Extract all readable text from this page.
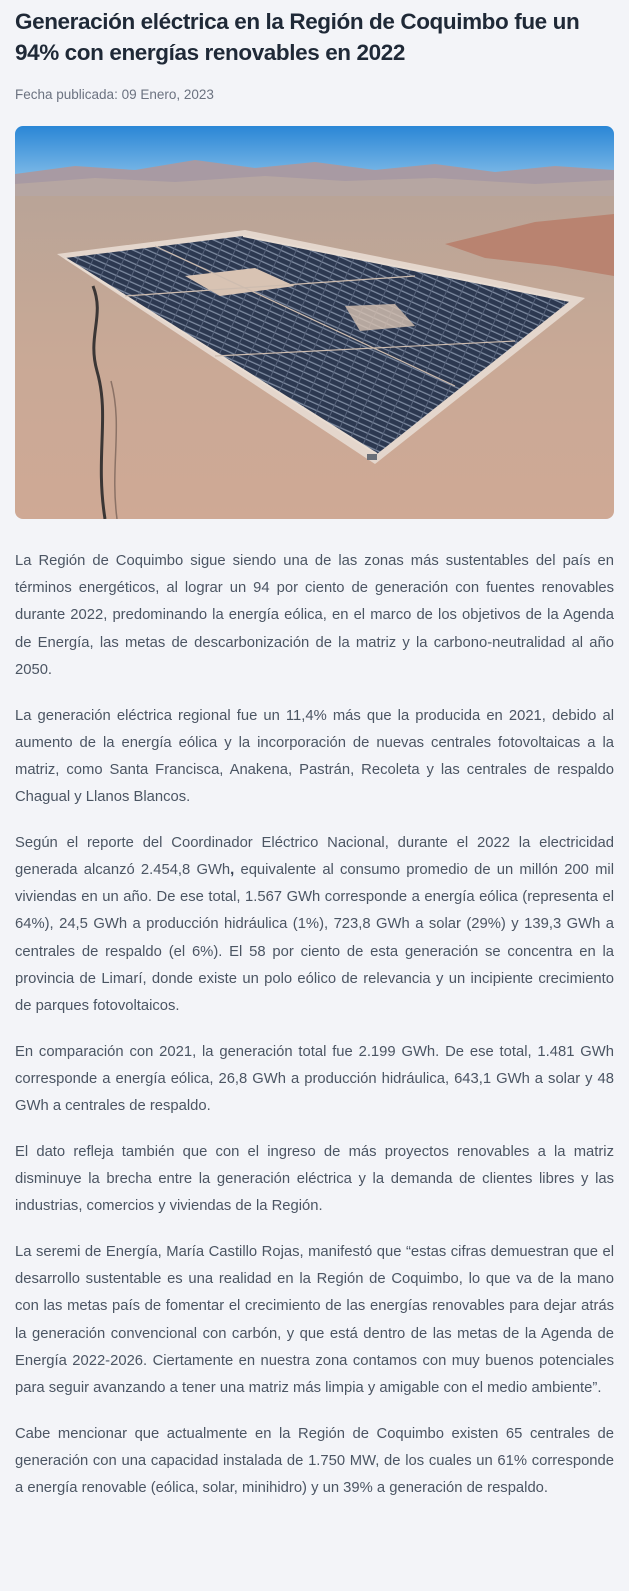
Generación eléctrica en la Región de Coquimbo fue un 94% con energías renovables en 2022
Fecha publicada: 09 Enero, 2023

La Región de Coquimbo sigue siendo una de las zonas más sustentables del país en términos energéticos, al lograr un 94 por ciento de generación con fuentes renovables durante 2022, predominando la energía eólica, en el marco de los objetivos de la Agenda de Energía, las metas de descarbonización de la matriz y la carbono-neutralidad al año 2050.

La generación eléctrica regional fue un 11,4% más que la producida en 2021, debido al aumento de la energía eólica y la incorporación de nuevas centrales fotovoltaicas a la matriz, como Santa Francisca, Anakena, Pastrán, Recoleta y las centrales de respaldo Chagual y Llanos Blancos.

Según el reporte del Coordinador Eléctrico Nacional, durante el 2022 la electricidad generada alcanzó 2.454,8 GWh, equivalente al consumo promedio de un millón 200 mil viviendas en un año. De ese total, 1.567 GWh corresponde a energía eólica (representa el 64%), 24,5 GWh a producción hidráulica (1%), 723,8 GWh a solar (29%) y 139,3 GWh a centrales de respaldo (el 6%). El 58 por ciento de esta generación se concentra en la provincia de Limarí, donde existe un polo eólico de relevancia y un incipiente crecimiento de parques fotovoltaicos.

En comparación con 2021, la generación total fue 2.199 GWh. De ese total, 1.481 GWh corresponde a energía eólica, 26,8 GWh a producción hidráulica, 643,1 GWh a solar y 48 GWh a centrales de respaldo.

El dato refleja también que con el ingreso de más proyectos renovables a la matriz disminuye la brecha entre la generación eléctrica y la demanda de clientes libres y las industrias, comercios y viviendas de la Región.

La seremi de Energía, María Castillo Rojas, manifestó que “estas cifras demuestran que el desarrollo sustentable es una realidad en la Región de Coquimbo, lo que va de la mano con las metas país de fomentar el crecimiento de las energías renovables para dejar atrás la generación convencional con carbón, y que está dentro de las metas de la Agenda de Energía 2022-2026. Ciertamente en nuestra zona contamos con muy buenos potenciales para seguir avanzando a tener una matriz más limpia y amigable con el medio ambiente”.

Cabe mencionar que actualmente en la Región de Coquimbo existen 65 centrales de generación con una capacidad instalada de 1.750 MW, de los cuales un 61% corresponde a energía renovable (eólica, solar, minihidro) y un 39% a generación de respaldo.
